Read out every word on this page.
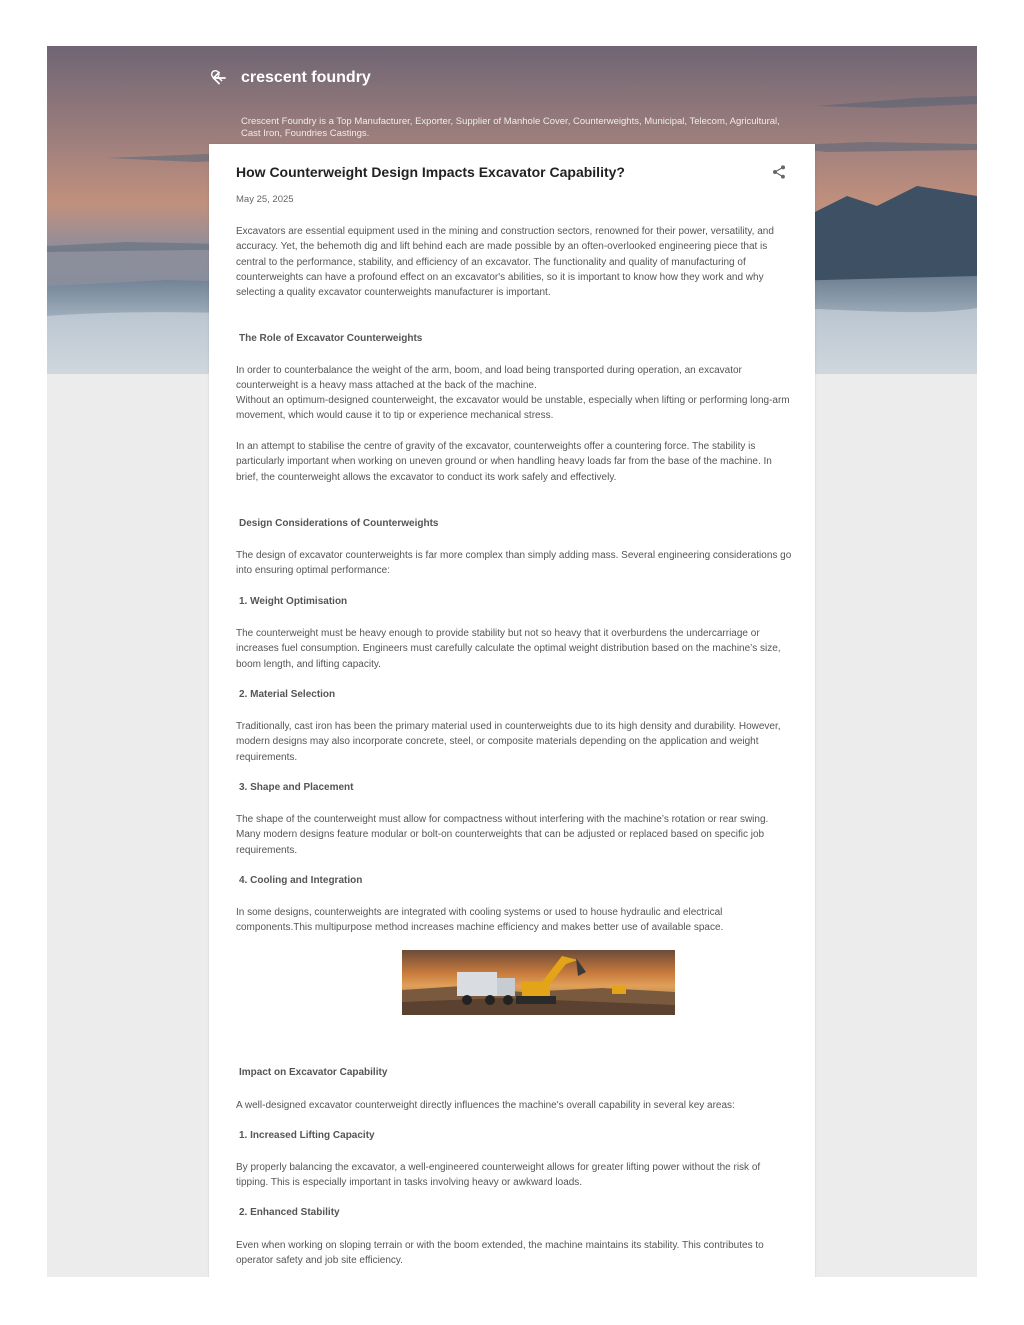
crescent foundry
Crescent Foundry is a Top Manufacturer, Exporter, Supplier of Manhole Cover, Counterweights, Municipal, Telecom, Agricultural, Cast Iron, Foundries Castings.
How Counterweight Design Impacts Excavator Capability?
May 25, 2025
Excavators are essential equipment used in the mining and construction sectors, renowned for their power, versatility, and accuracy. Yet, the behemoth dig and lift behind each are made possible by an often-overlooked engineering piece that is central to the performance, stability, and efficiency of an excavator. The functionality and quality of manufacturing of counterweights can have a profound effect on an excavator's abilities, so it is important to know how they work and why selecting a quality excavator counterweights manufacturer is important.
The Role of Excavator Counterweights
In order to counterbalance the weight of the arm, boom, and load being transported during operation, an excavator counterweight is a heavy mass attached at the back of the machine.
Without an optimum-designed counterweight, the excavator would be unstable, especially when lifting or performing long-arm movement, which would cause it to tip or experience mechanical stress.
In an attempt to stabilise the centre of gravity of the excavator, counterweights offer a countering force. The stability is particularly important when working on uneven ground or when handling heavy loads far from the base of the machine. In brief, the counterweight allows the excavator to conduct its work safely and effectively.
Design Considerations of Counterweights
The design of excavator counterweights is far more complex than simply adding mass. Several engineering considerations go into ensuring optimal performance:
1. Weight Optimisation
The counterweight must be heavy enough to provide stability but not so heavy that it overburdens the undercarriage or increases fuel consumption. Engineers must carefully calculate the optimal weight distribution based on the machine’s size, boom length, and lifting capacity.
2. Material Selection
Traditionally, cast iron has been the primary material used in counterweights due to its high density and durability. However, modern designs may also incorporate concrete, steel, or composite materials depending on the application and weight requirements.
3. Shape and Placement
The shape of the counterweight must allow for compactness without interfering with the machine’s rotation or rear swing. Many modern designs feature modular or bolt-on counterweights that can be adjusted or replaced based on specific job requirements.
4. Cooling and Integration
In some designs, counterweights are integrated with cooling systems or used to house hydraulic and electrical components.This multipurpose method increases machine efficiency and makes better use of available space.
Impact on Excavator Capability
A well-designed excavator counterweight directly influences the machine's overall capability in several key areas:
1. Increased Lifting Capacity
By properly balancing the excavator, a well-engineered counterweight allows for greater lifting power without the risk of tipping. This is especially important in tasks involving heavy or awkward loads.
2. Enhanced Stability
Even when working on sloping terrain or with the boom extended, the machine maintains its stability. This contributes to operator safety and job site efficiency.
